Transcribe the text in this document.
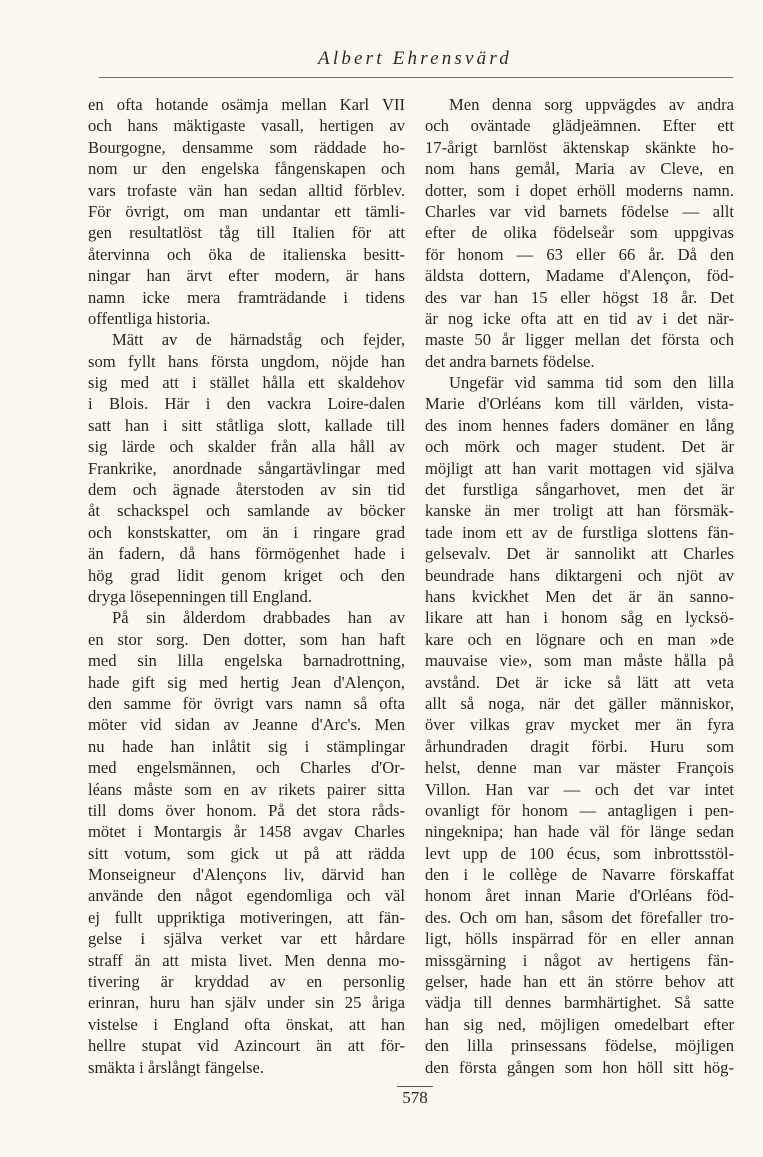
Albert Ehrensvärd
en ofta hotande osämja mellan Karl VII
och hans mäktigaste vasall, hertigen av
Bourgogne, densamme som räddade ho-
nom ur den engelska fångenskapen och
vars trofaste vän han sedan alltid förblev.
För övrigt, om man undantar ett tämli-
gen resultatlöst tåg till Italien för att
återvinna och öka de italienska besitt-
ningar han ärvt efter modern, är hans
namn icke mera framträdande i tidens
offentliga historia.
Mätt av de härnadståg och fejder,
som fyllt hans första ungdom, nöjde han
sig med att i stället hålla ett skaldehov
i Blois. Här i den vackra Loire-dalen
satt han i sitt ståtliga slott, kallade till
sig lärde och skalder från alla håll av
Frankrike, anordnade sångartävlingar med
dem och ägnade återstoden av sin tid
åt schackspel och samlande av böcker
och konstskatter, om än i ringare grad
än fadern, då hans förmögenhet hade i
hög grad lidit genom kriget och den
dryga lösepenningen till England.
På sin ålderdom drabbades han av
en stor sorg. Den dotter, som han haft
med sin lilla engelska barnadrottning,
hade gift sig med hertig Jean d'Alençon,
den samme för övrigt vars namn så ofta
möter vid sidan av Jeanne d'Arc's. Men
nu hade han inlåtit sig i stämplingar
med engelsmännen, och Charles d'Or-
léans måste som en av rikets pairer sitta
till doms över honom. På det stora råds-
mötet i Montargis år 1458 avgav Charles
sitt votum, som gick ut på att rädda
Monseigneur d'Alençons liv, därvid han
använde den något egendomliga och väl
ej fullt uppriktiga motiveringen, att fän-
gelse i själva verket var ett hårdare
straff än att mista livet. Men denna mo-
tivering är kryddad av en personlig
erinran, huru han själv under sin 25 åriga
vistelse i England ofta önskat, att han
hellre stupat vid Azincourt än att för-
smäkta i årslångt fängelse.
Men denna sorg uppvägdes av andra
och oväntade glädjeämnen. Efter ett
17-årigt barnlöst äktenskap skänkte ho-
nom hans gemål, Maria av Cleve, en
dotter, som i dopet erhöll moderns namn.
Charles var vid barnets födelse — allt
efter de olika födelseår som uppgivas
för honom — 63 eller 66 år. Då den
äldsta dottern, Madame d'Alençon, föd-
des var han 15 eller högst 18 år. Det
är nog icke ofta att en tid av i det när-
maste 50 år ligger mellan det första och
det andra barnets födelse.
Ungefär vid samma tid som den lilla
Marie d'Orléans kom till världen, vista-
des inom hennes faders domäner en lång
och mörk och mager student. Det är
möjligt att han varit mottagen vid själva
det furstliga sångarhovet, men det är
kanske än mer troligt att han försmäk-
tade inom ett av de furstliga slottens fän-
gelsevalv. Det är sannolikt att Charles
beundrade hans diktargeni och njöt av
hans kvickhet Men det är än sanno-
likare att han i honom såg en lycksö-
kare och en lögnare och en man »de
mauvaise vie», som man måste hålla på
avstånd. Det är icke så lätt att veta
allt så noga, när det gäller människor,
över vilkas grav mycket mer än fyra
århundraden dragit förbi. Huru som
helst, denne man var mäster François
Villon. Han var — och det var intet
ovanligt för honom — antagligen i pen-
ningeknipa; han hade väl för länge sedan
levt upp de 100 écus, som inbrottsstöl-
den i le collège de Navarre förskaffat
honom året innan Marie d'Orléans föd-
des. Och om han, såsom det förefaller tro-
ligt, hölls inspärrad för en eller annan
missgärning i något av hertigens fän-
gelser, hade han ett än större behov att
vädja till dennes barmhärtighet. Så satte
han sig ned, möjligen omedelbart efter
den lilla prinsessans födelse, möjligen
den första gången som hon höll sitt hög-
578
